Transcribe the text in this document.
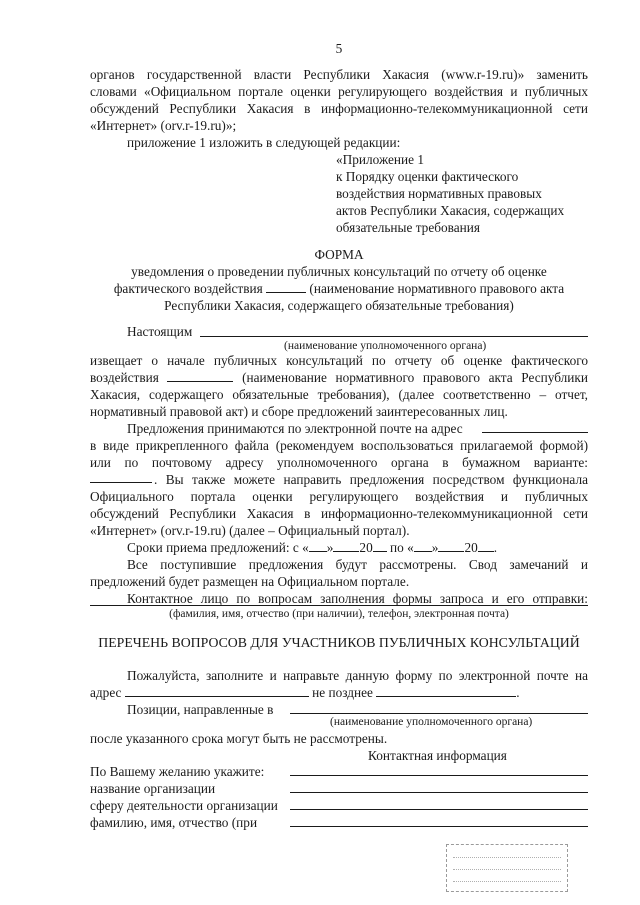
5

органов государственной власти Республики Хакасия (www.r-19.ru)» заменить

словами «Официальном портале оценки регулирующего воздействия и публичных

обсуждений Республики Хакасия в информационно-телекоммуникационной сети

«Интернет» (orv.r-19.ru)»;

приложение 1 изложить в следующей редакции:

«Приложение 1

к Порядку оценки фактического

воздействия нормативных правовых

актов Республики Хакасия, содержащих

обязательные требования

ФОРМА

уведомления о проведении публичных консультаций по отчету об оценке

фактического воздействия	(наименование нормативного правового акта

Республики Хакасия, содержащего обязательные требования)

Настоящим

(наименование уполномоченного органа)

извещает о начале публичных консультаций по отчету об оценке фактического

воздействия	(наименование нормативного правового акта Республики

Хакасия, содержащего обязательные требования), (далее соответственно – отчет,

нормативный правовой акт) и сборе предложений заинтересованных лиц.

Предложения принимаются по электронной почте на адрес

в виде прикрепленного файла (рекомендуем воспользоваться прилагаемой формой)

или по почтовому адресу уполномоченного органа в бумажном варианте:

. Вы также можете направить предложения посредством функционала

Официального портала оценки регулирующего воздействия и публичных

обсуждений Республики Хакасия в информационно-телекоммуникационной сети

«Интернет» (orv.r-19.ru) (далее – Официальный портал).

Сроки приема предложений: с « » 20 по « » 20 .

Все поступившие предложения будут рассмотрены. Свод замечаний и

предложений будет размещен на Официальном портале.

Контактное лицо по вопросам заполнения формы запроса и его отправки:

(фамилия, имя, отчество (при наличии), телефон, электронная почта)

ПЕРЕЧЕНЬ ВОПРОСОВ ДЛЯ УЧАСТНИКОВ ПУБЛИЧНЫХ КОНСУЛЬТАЦИЙ

Пожалуйста, заполните и направьте данную форму по электронной почте на

адрес	не позднее	.

Позиции, направленные в

(наименование уполномоченного органа)

после указанного срока могут быть не рассмотрены.

Контактная информация

По Вашему желанию укажите:

название организации

сферу деятельности организации

фамилию, имя, отчество (при
